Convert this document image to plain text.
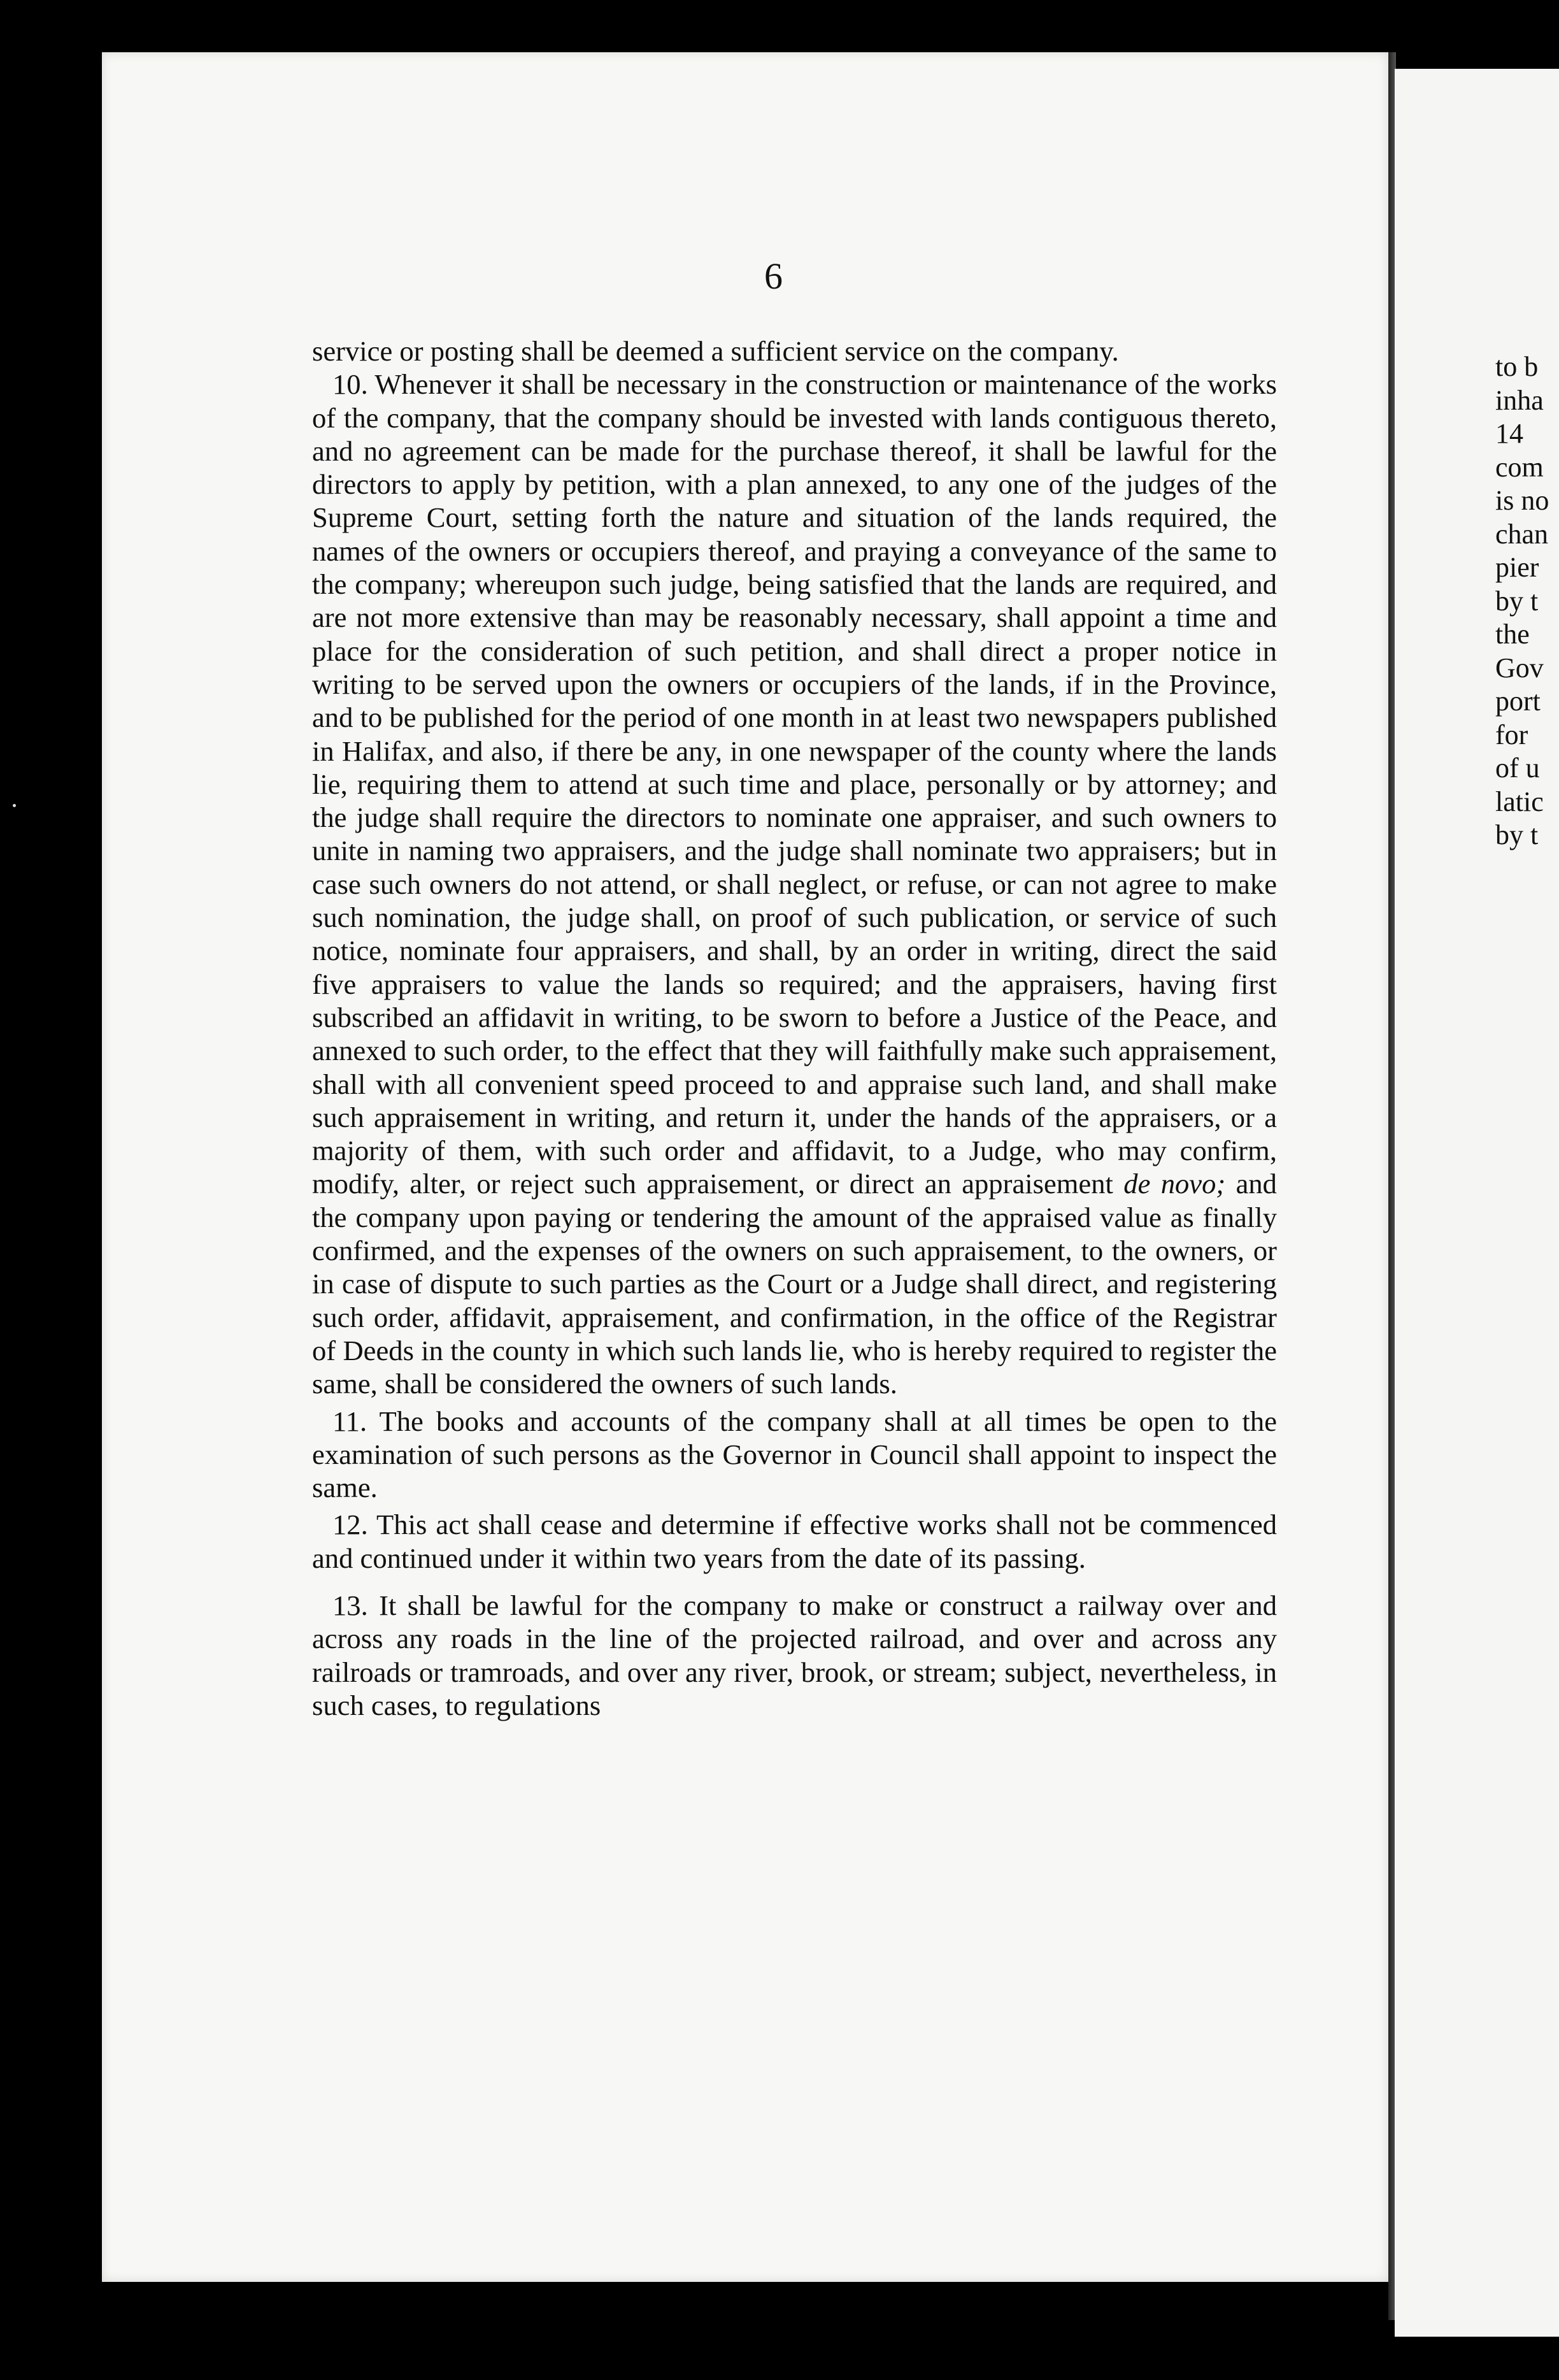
6

service or posting shall be deemed a sufficient service on the company.

10. Whenever it shall be necessary in the construction or maintenance of the works of the company, that the company should be invested with lands contiguous thereto, and no agreement can be made for the purchase thereof, it shall be lawful for the directors to apply by petition, with a plan annexed, to any one of the judges of the Supreme Court, setting forth the nature and situation of the lands required, the names of the owners or occupiers thereof, and praying a conveyance of the same to the company; whereupon such judge, being satisfied that the lands are required, and are not more extensive than may be reasonably necessary, shall appoint a time and place for the consideration of such petition, and shall direct a proper notice in writing to be served upon the owners or occupiers of the lands, if in the Province, and to be published for the period of one month in at least two newspapers published in Halifax, and also, if there be any, in one newspaper of the county where the lands lie, requiring them to attend at such time and place, personally or by attorney; and the judge shall require the directors to nominate one appraiser, and such owners to unite in naming two appraisers, and the judge shall nominate two appraisers; but in case such owners do not attend, or shall neglect, or refuse, or can not agree to make such nomination, the judge shall, on proof of such publication, or service of such notice, nominate four appraisers, and shall, by an order in writing, direct the said five appraisers to value the lands so required; and the appraisers, having first subscribed an affidavit in writing, to be sworn to before a Justice of the Peace, and annexed to such order, to the effect that they will faithfully make such appraisement, shall with all convenient speed proceed to and appraise such land, and shall make such appraisement in writing, and return it, under the hands of the appraisers, or a majority of them, with such order and affidavit, to a Judge, who may confirm, modify, alter, or reject such appraisement, or direct an appraisement de novo; and the company upon paying or tendering the amount of the appraised value as finally confirmed, and the expenses of the owners on such appraisement, to the owners, or in case of dispute to such parties as the Court or a Judge shall direct, and registering such order, affidavit, appraisement, and confirmation, in the office of the Registrar of Deeds in the county in which such lands lie, who is hereby required to register the same, shall be considered the owners of such lands.

11. The books and accounts of the company shall at all times be open to the examination of such persons as the Governor in Council shall appoint to inspect the same.

12. This act shall cease and determine if effective works shall not be commenced and continued under it within two years from the date of its passing.

13. It shall be lawful for the company to make or construct a railway over and across any roads in the line of the projected railroad, and over and across any railroads or tramroads, and over any river, brook, or stream; subject, nevertheless, in such cases, to regulations

to b
inha
14
com
is no
chan
pier
by t
the
Gov
port
for
of u
latic
by t
